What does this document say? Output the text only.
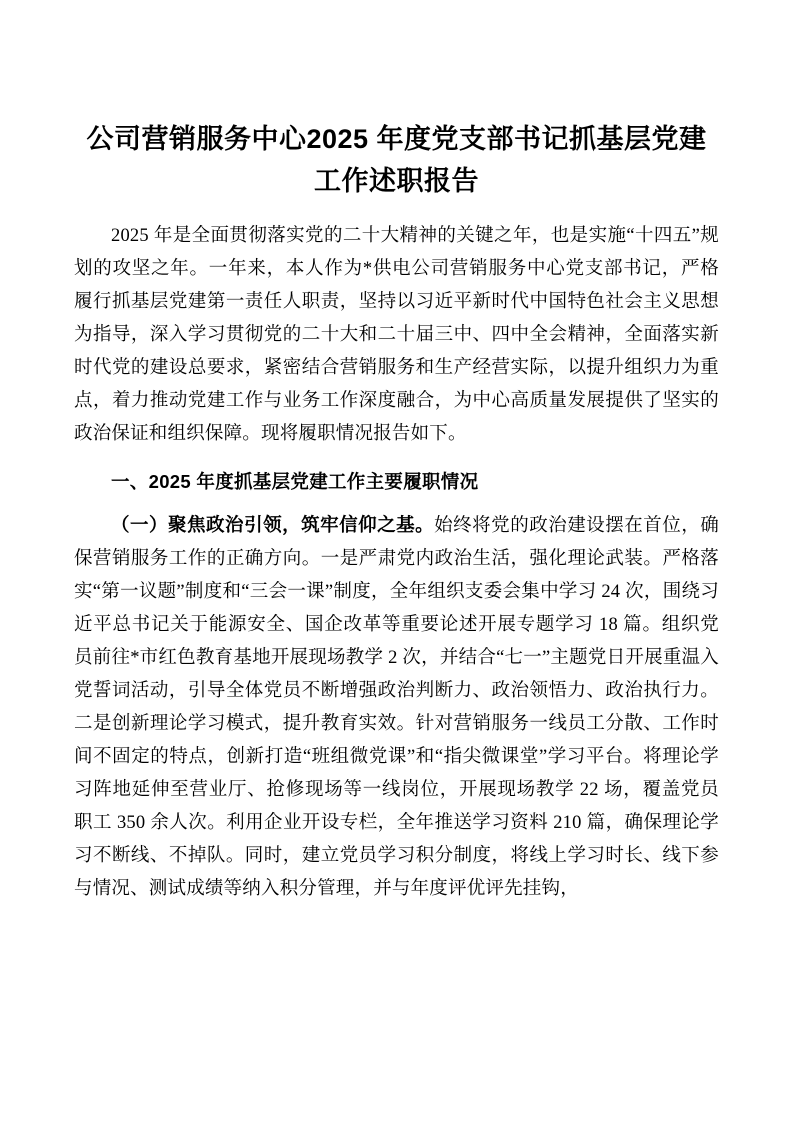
公司营销服务中心2025 年度党支部书记抓基层党建工作述职报告

2025 年是全面贯彻落实党的二十大精神的关键之年，也是实施“十四五”规划的攻坚之年。一年来，本人作为*供电公司营销服务中心党支部书记，严格履行抓基层党建第一责任人职责，坚持以习近平新时代中国特色社会主义思想为指导，深入学习贯彻党的二十大和二十届三中、四中全会精神，全面落实新时代党的建设总要求，紧密结合营销服务和生产经营实际，以提升组织力为重点，着力推动党建工作与业务工作深度融合，为中心高质量发展提供了坚实的政治保证和组织保障。现将履职情况报告如下。

一、2025 年度抓基层党建工作主要履职情况

（一）聚焦政治引领，筑牢信仰之基。始终将党的政治建设摆在首位，确保营销服务工作的正确方向。一是严肃党内政治生活，强化理论武装。严格落实“第一议题”制度和“三会一课”制度，全年组织支委会集中学习 24 次，围绕习近平总书记关于能源安全、国企改革等重要论述开展专题学习 18 篇。组织党员前往*市红色教育基地开展现场教学 2 次，并结合“七一”主题党日开展重温入党誓词活动，引导全体党员不断增强政治判断力、政治领悟力、政治执行力。二是创新理论学习模式，提升教育实效。针对营销服务一线员工分散、工作时间不固定的特点，创新打造“班组微党课”和“指尖微课堂”学习平台。将理论学习阵地延伸至营业厅、抢修现场等一线岗位，开展现场教学 22 场，覆盖党员职工 350 余人次。利用企业开设专栏，全年推送学习资料 210 篇，确保理论学习不断线、不掉队。同时，建立党员学习积分制度，将线上学习时长、线下参与情况、测试成绩等纳入积分管理，并与年度评优评先挂钩，
